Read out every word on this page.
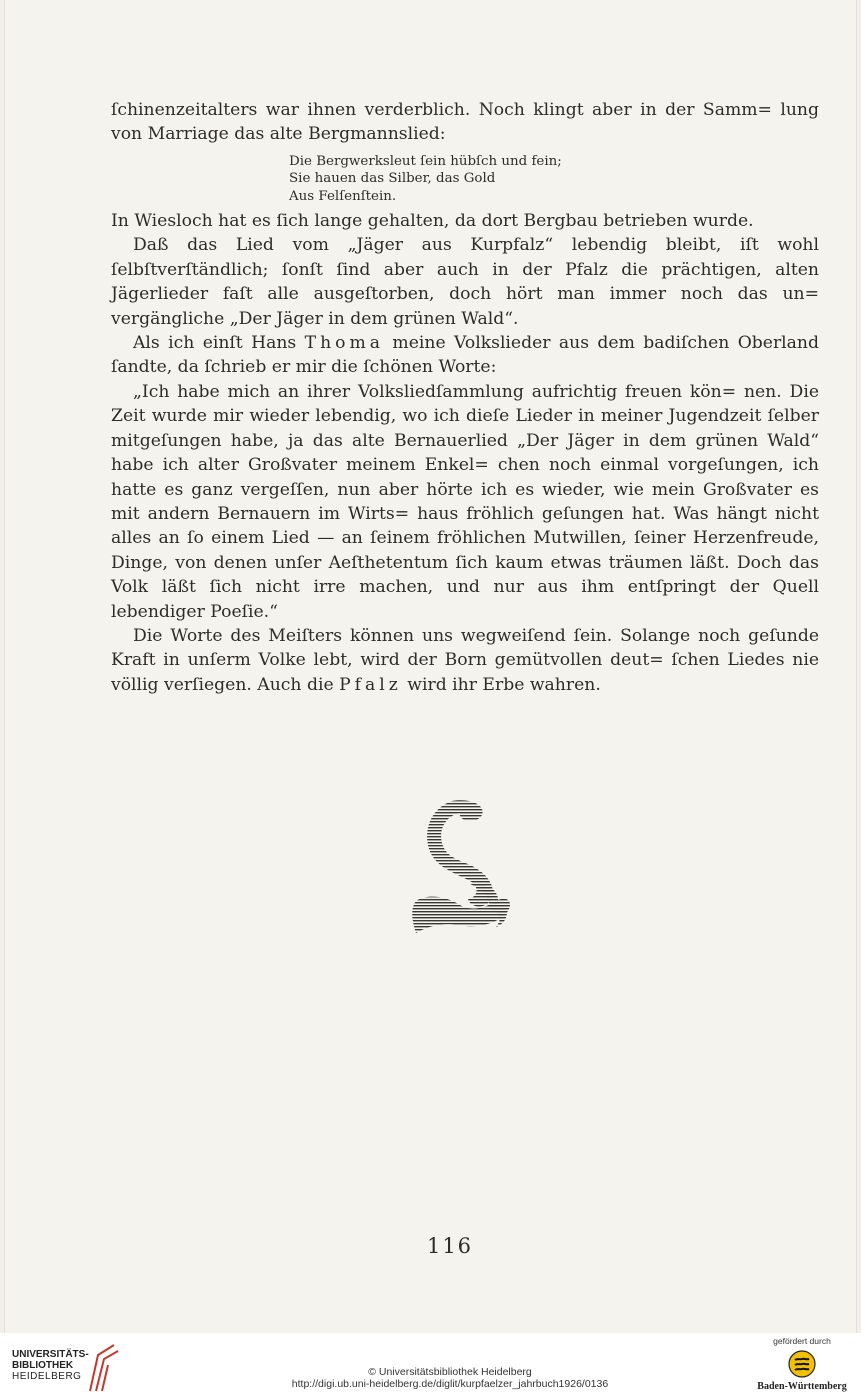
ſchinenzeitalters war ihnen verderblich. Noch klingt aber in der Samm= lung von Marriage das alte Bergmannslied:

Die Bergwerksleut ſein hübſch und fein;
Sie hauen das Silber, das Gold
Aus Felſenſtein.

In Wiesloch hat es ſich lange gehalten, da dort Bergbau betrieben wurde.

Daß das Lied vom „Jäger aus Kurpfalz“ lebendig bleibt, iſt wohl ſelbſtverſtändlich; ſonſt ſind aber auch in der Pfalz die prächtigen, alten Jägerlieder faſt alle ausgeſtorben, doch hört man immer noch das un= vergängliche „Der Jäger in dem grünen Wald“.

Als ich einſt Hans Thoma meine Volkslieder aus dem badiſchen Oberland ſandte, da ſchrieb er mir die ſchönen Worte:

„Ich habe mich an ihrer Volksliedſammlung aufrichtig freuen kön= nen. Die Zeit wurde mir wieder lebendig, wo ich dieſe Lieder in meiner Jugendzeit ſelber mitgeſungen habe, ja das alte Bernauerlied „Der Jäger in dem grünen Wald“ habe ich alter Großvater meinem Enkel= chen noch einmal vorgeſungen, ich hatte es ganz vergeſſen, nun aber hörte ich es wieder, wie mein Großvater es mit andern Bernauern im Wirts= haus fröhlich geſungen hat. Was hängt nicht alles an ſo einem Lied — an ſeinem fröhlichen Mutwillen, ſeiner Herzenfreude, Dinge, von denen unſer Aeſthetentum ſich kaum etwas träumen läßt. Doch das Volk läßt ſich nicht irre machen, und nur aus ihm entſpringt der Quell lebendiger Poeſie.“

Die Worte des Meiſters können uns wegweiſend ſein. Solange noch geſunde Kraft in unſerm Volke lebt, wird der Born gemütvollen deut= ſchen Liedes nie völlig verſiegen. Auch die Pfalz wird ihr Erbe wahren.

116
UNIVERSITÄTS-
BIBLIOTHEK
HEIDELBERG	© Universitätsbibliothek Heidelberg
http://digi.ub.uni-heidelberg.de/diglit/kurpfaelzer_jahrbuch1926/0136
gefördert durch
Baden-Württemberg
